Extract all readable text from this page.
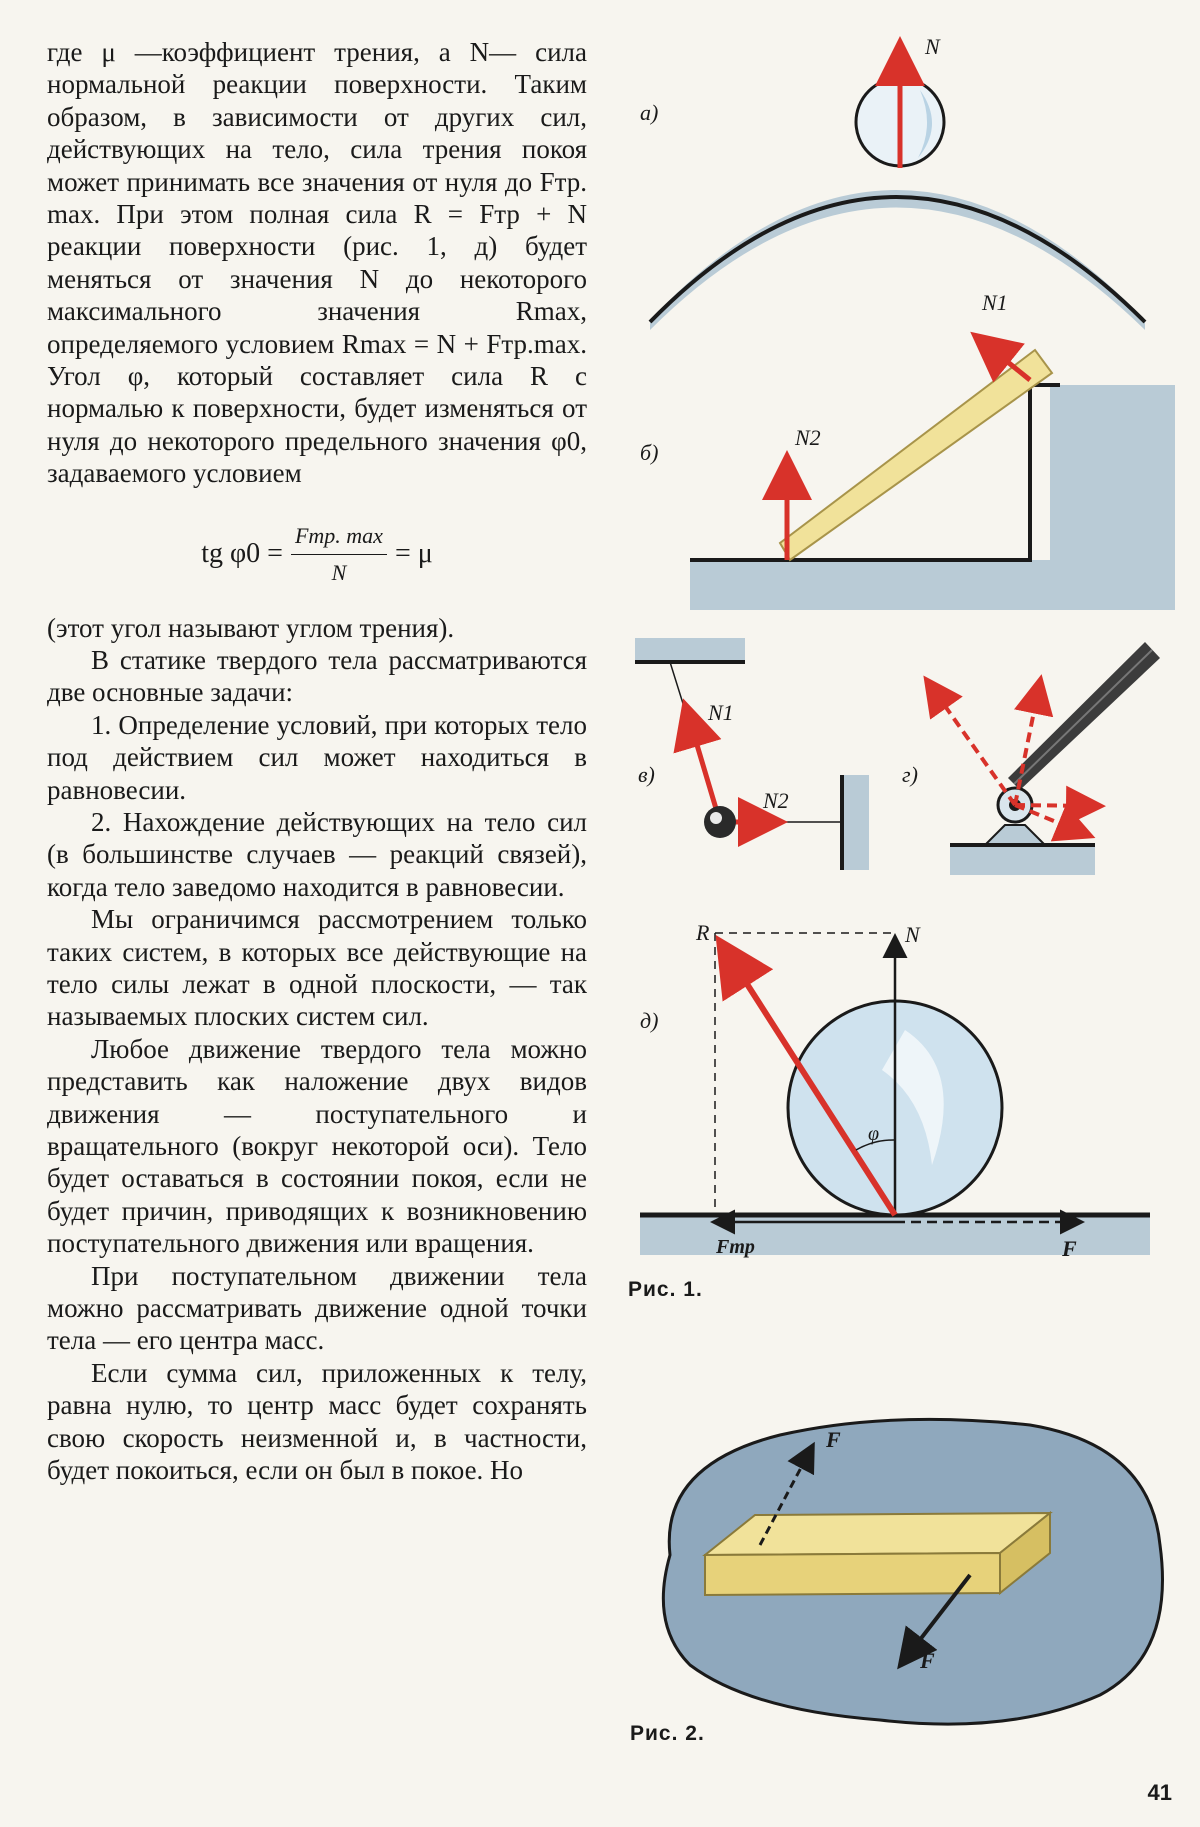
где μ —коэффициент трения, а N— сила нормальной реакции поверхности. Таким образом, в зависимости от других сил, действующих на тело, сила трения покоя может принимать все значения от нуля до Fтр. max. При этом полная сила R = Fтр + N реакции поверхности (рис. 1, д) будет меняться от значения N до некоторого максимального значения Rmax, определяемого условием Rmax = N + Fтр.max. Угол φ, который составляет сила R с нормалью к поверхности, будет изменяться от нуля до некоторого предельного значения φ0, задаваемого условием

tg $\varphi 0 = \frac{\text{Fтр. max}}{N} = \mu$

(этот угол называют углом трения).

В статике твердого тела рассматриваются две основные задачи:

1. Определение условий, при которых тело под действием сил может находиться в равновесии.

2. Нахождение действующих на тело сил (в большинстве случаев — реакций связей), когда тело заведомо находится в равновесии.

Мы ограничимся рассмотрением только таких систем, в которых все действующие на тело силы лежат в одной плоскости, — так называемых плоских систем сил.

Любое движение твердого тела можно представить как наложение двух видов движения — поступательного и вращательного (вокруг некоторой оси). Тело будет оставаться в состоянии покоя, если не будет причин, приводящих к возникновению поступательного движения или вращения.

При поступательном движении тела можно рассматривать движение одной точки тела — его центра масс.

Если сумма сил, приложенных к телу, равна нулю, то центр масс будет сохранять свою скорость неизменной и, в частности, будет покоиться, если он был в покое. Но

N
N1
N2
N1
N2
R	N
φ
Fтр	F
а)
б)
в)	г)
д)
Рис. 1.
F
F
Рис. 2.
41
